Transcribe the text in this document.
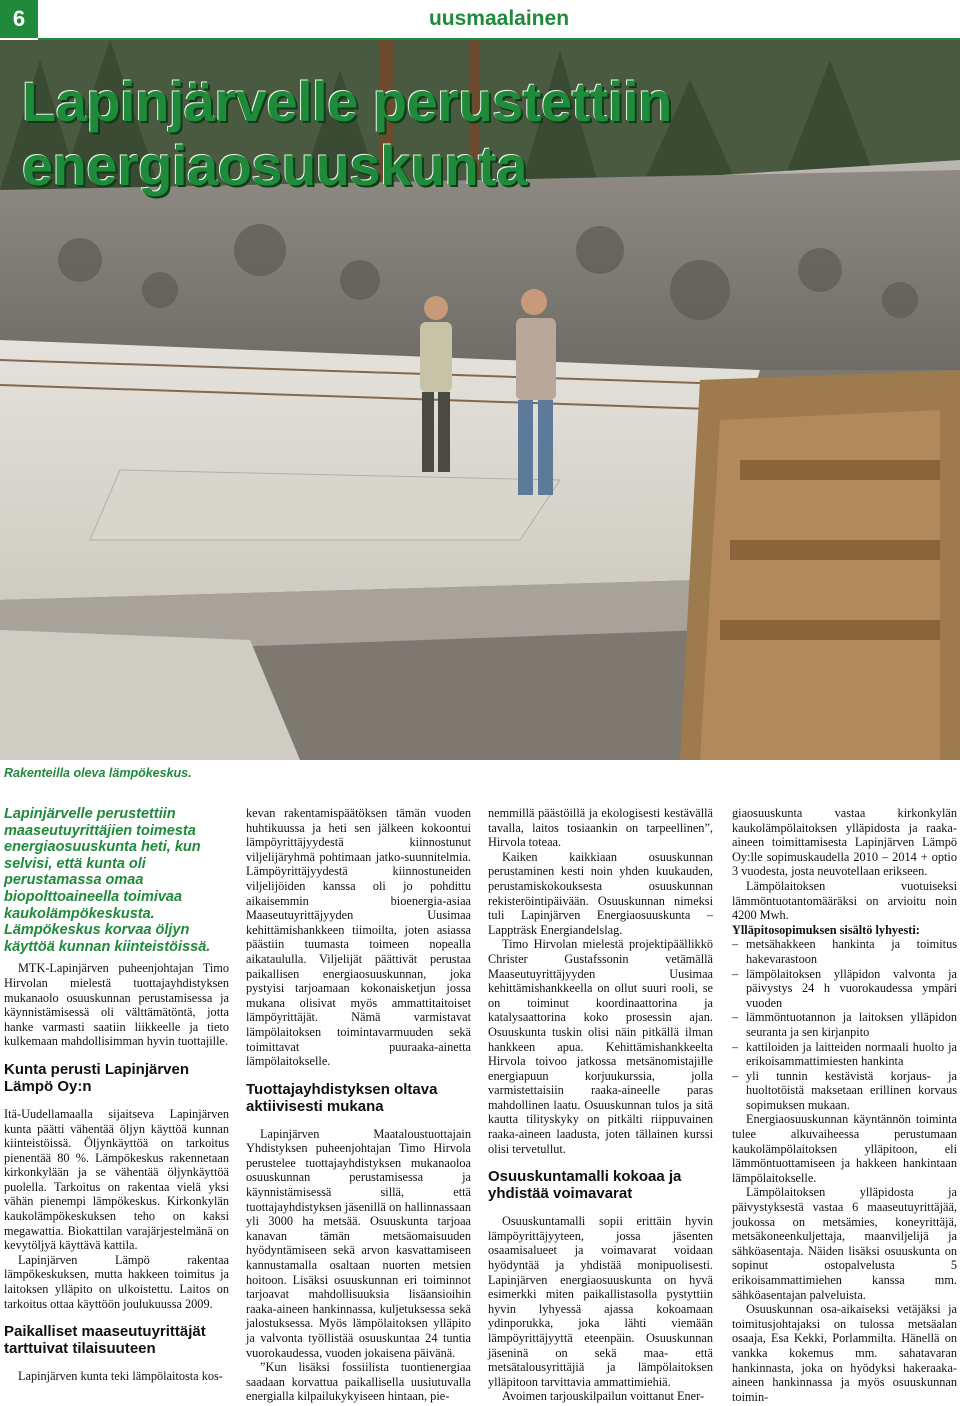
6	uusmaalainen
Lapinjärvelle perustettiin
energiaosuuskunta
Rakenteilla oleva lämpökeskus.
Lapinjärvelle perustettiin maaseutuyrittäjien toimesta energiaosuuskunta heti, kun selvisi, että kunta oli perustamassa omaa biopolttoaineella toimivaa kaukolämpökeskusta. Lämpökeskus korvaa öljyn käyttöä kunnan kiinteistöissä.

MTK-Lapinjärven puheenjohtajan Timo Hirvolan mielestä tuottajayhdistyksen mukanaolo osuuskunnan perustamisessa ja käynnistämisessä oli välttämätöntä, jotta hanke varmasti saatiin liikkeelle ja tieto kulkemaan mahdollisimman hyvin tuottajille.

Kunta perusti Lapinjärven Lämpö Oy:n

Itä-Uudellamaalla sijaitseva Lapinjärven kunta päätti vähentää öljyn käyttöä kunnan kiinteistöissä. Öljynkäyttöä on tarkoitus pienentää 80 %. Lämpökeskus rakennetaan kirkonkylään ja se vähentää öljynkäyttöä puolella. Tarkoitus on rakentaa vielä yksi vähän pienempi lämpökeskus. Kirkonkylän kaukolämpökeskuksen teho on kaksi megawattia. Biokattilan varajärjestelmänä on kevytöljyä käyttävä kattila.

Lapinjärven Lämpö rakentaa lämpökeskuksen, mutta hakkeen toimitus ja laitoksen ylläpito on ulkoistettu. Laitos on tarkoitus ottaa käyttöön joulukuussa 2009.

Paikalliset maaseutuyrittäjät tarttuivat tilaisuuteen

Lapinjärven kunta teki lämpölaitosta kos-

kevan rakentamispäätöksen tämän vuoden huhtikuussa ja heti sen jälkeen kokoontui lämpöyrittäjyydestä kiinnostunut viljelijäryhmä pohtimaan jatko-suunnitelmia. Lämpöyrittäjyydestä kiinnostuneiden viljelijöiden kanssa oli jo pohdittu aikaisemmin bioenergia-asiaa Maaseutuyrittäjyyden Uusimaa kehittämishankkeen tiimoilta, joten asiassa päästiin tuumasta toimeen nopealla aikataululla. Viljelijät päättivät perustaa paikallisen energiaosuuskunnan, joka pystyisi tarjoamaan kokonaisketjun jossa mukana olisivat myös ammattitaitoiset lämpöyrittäjät. Nämä varmistavat lämpölaitoksen toimintavarmuuden sekä toimittavat puuraaka-ainetta lämpölaitokselle.

Tuottajayhdistyksen oltava aktiivisesti mukana

Lapinjärven Maataloustuottajain Yhdistyksen puheenjohtajan Timo Hirvola perustelee tuottajayhdistyksen mukanaoloa osuuskunnan perustamisessa ja käynnistämisessä sillä, että tuottajayhdistyksen jäsenillä on hallinnassaan yli 3000 ha metsää. Osuuskunta tarjoaa kanavan tämän metsäomaisuuden hyödyntämiseen sekä arvon kasvattamiseen kannustamalla osaltaan nuorten metsien hoitoon. Lisäksi osuuskunnan eri toiminnot tarjoavat mahdollisuuksia lisäansioihin raaka-aineen hankinnassa, kuljetuksessa sekä jalostuksessa. Myös lämpölaitoksen ylläpito ja valvonta työllistää osuuskuntaa 24 tuntia vuorokaudessa, vuoden jokaisena päivänä.

”Kun lisäksi fossiilista tuontienergiaa saadaan korvattua paikallisella uusiutuvalla energialla kilpailukykyiseen hintaan, pie-

nemmillä päästöillä ja ekologisesti kestävällä tavalla, laitos tosiaankin on tarpeellinen”, Hirvola toteaa.

Kaiken kaikkiaan osuuskunnan perustaminen kesti noin yhden kuukauden, perustamiskokouksesta osuuskunnan rekisteröintipäivään. Osuuskunnan nimeksi tuli Lapinjärven Energiaosuuskunta – Lappträsk Energiandelslag.

Timo Hirvolan mielestä projektipäällikkö Christer Gustafssonin vetämällä Maaseutuyrittäjyyden Uusimaa kehittämishankkeella on ollut suuri rooli, se on toiminut koordinaattorina ja katalysaattorina koko prosessin ajan. Osuuskunta tuskin olisi näin pitkällä ilman hankkeen apua. Kehittämishankkeelta Hirvola toivoo jatkossa metsänomistajille energiapuun korjuukurssia, jolla varmistettaisiin raaka-aineelle paras mahdollinen laatu. Osuuskunnan tulos ja sitä kautta tilityskyky on pitkälti riippuvainen raaka-aineen laadusta, joten tällainen kurssi olisi tervetullut.

Osuuskuntamalli kokoaa ja yhdistää voimavarat

Osuuskuntamalli sopii erittäin hyvin lämpöyrittäjyyteen, jossa jäsenten osaamisalueet ja voimavarat voidaan hyödyntää ja yhdistää monipuolisesti. Lapinjärven energiaosuuskunta on hyvä esimerkki miten paikallistasolla pystyttiin hyvin lyhyessä ajassa kokoamaan ydinporukka, joka lähti viemään lämpöyrittäjyyttä eteenpäin. Osuuskunnan jäseninä on sekä maa- että metsätalousyrittäjiä ja lämpölaitoksen ylläpitoon tarvittavia ammattimiehiä.

Avoimen tarjouskilpailun voittanut Ener-

giaosuuskunta vastaa kirkonkylän kaukolämpölaitoksen ylläpidosta ja raaka-aineen toimittamisesta Lapinjärven Lämpö Oy:lle sopimuskaudella 2010 – 2014 + optio 3 vuodesta, josta neuvotellaan erikseen.

Lämpölaitoksen vuotuiseksi lämmöntuotantomääräksi on arvioitu noin 4200 Mwh.

Ylläpitosopimuksen sisältö lyhyesti:

– metsähakkeen hankinta ja toimitus hakevarastoon
– lämpölaitoksen ylläpidon valvonta ja päivystys 24 h vuorokaudessa ympäri vuoden
– lämmöntuotannon ja laitoksen ylläpidon seuranta ja sen kirjanpito
– kattiloiden ja laitteiden normaali huolto ja erikoisammattimiesten hankinta
– yli tunnin kestävistä korjaus- ja huoltotöistä maksetaan erillinen korvaus sopimuksen mukaan.

Energiaosuuskunnan käyntännön toiminta tulee alkuvaiheessa perustumaan kaukolämpölaitoksen ylläpitoon, eli lämmöntuottamiseen ja hakkeen hankintaan lämpölaitokselle.

Lämpölaitoksen ylläpidosta ja päivystyksestä vastaa 6 maaseutuyrittäjää, joukossa on metsämies, koneyrittäjä, metsäkoneenkuljettaja, maanviljelijä ja sähköasentaja. Näiden lisäksi osuuskunta on sopinut ostopalvelusta 5 erikoisammattimiehen kanssa mm. sähköasentajan palveluista.

Osuuskunnan osa-aikaiseksi vetäjäksi ja toimitusjohtajaksi on tulossa metsäalan osaaja, Esa Kekki, Porlammilta. Hänellä on vankka kokemus mm. sahatavaran hankinnasta, joka on hyödyksi hakeraaka-aineen hankinnassa ja myös osuuskunnan toimin-
